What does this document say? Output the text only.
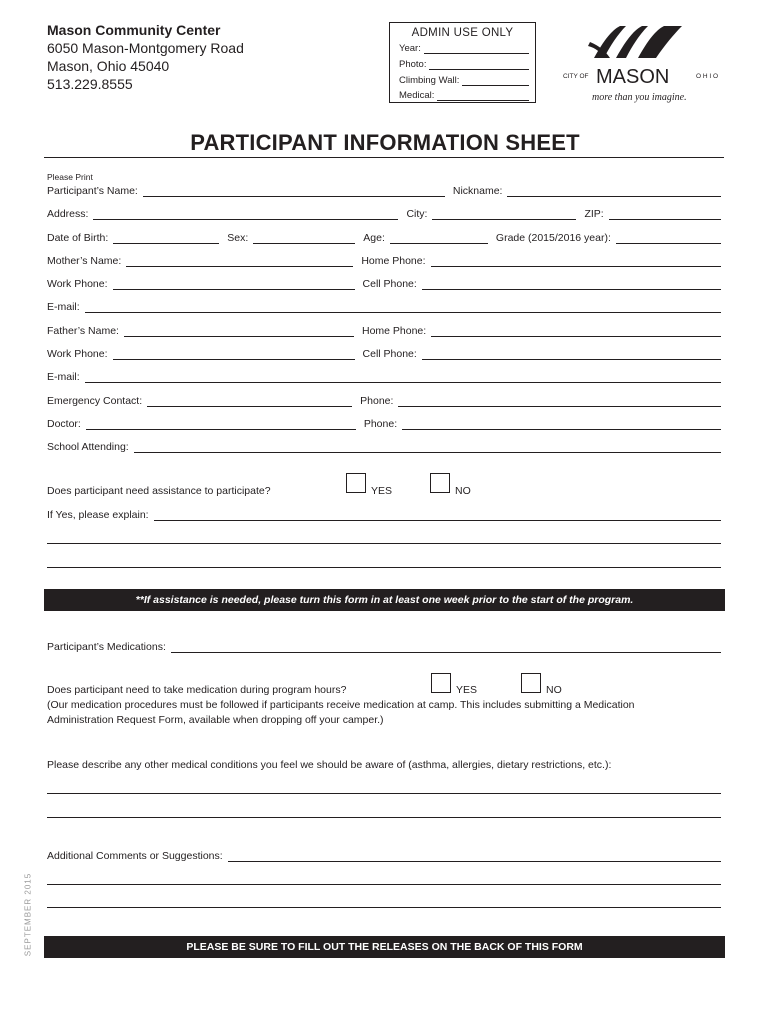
Mason Community Center
6050 Mason-Montgomery Road
Mason, Ohio 45040
513.229.8555
ADMIN USE ONLY
Year:
Photo:
Climbing Wall:
Medical:
CITY OF MASON	O H I O
more than you imagine.
PARTICIPANT INFORMATION SHEET
Please Print
Participant’s Name:	Nickname:
Address:	City:	ZIP:
Date of Birth:	Sex:	Age:	Grade (2015/2016 year):
Mother’s Name:	Home Phone:
Work Phone:	Cell Phone:
E-mail:
Father’s Name:	Home Phone:
Work Phone:	Cell Phone:
E-mail:
Emergency Contact:	Phone:
Doctor:	Phone:
School Attending:
Does participant need assistance to participate?	YES	NO
If Yes, please explain:
**If assistance is needed, please turn this form in at least one week prior to the start of the program.
Participant’s Medications:
Does participant need to take medication during program hours?	YES	NO
(Our medication procedures must be followed if participants receive medication at camp. This includes submitting a Medication
Administration Request Form, available when dropping off your camper.)
Please describe any other medical conditions you feel we should be aware of (asthma, allergies, dietary restrictions, etc.):
Additional Comments or Suggestions:
PLEASE BE SURE TO FILL OUT THE RELEASES ON THE BACK OF THIS FORM
SEPTEMBER 2015
